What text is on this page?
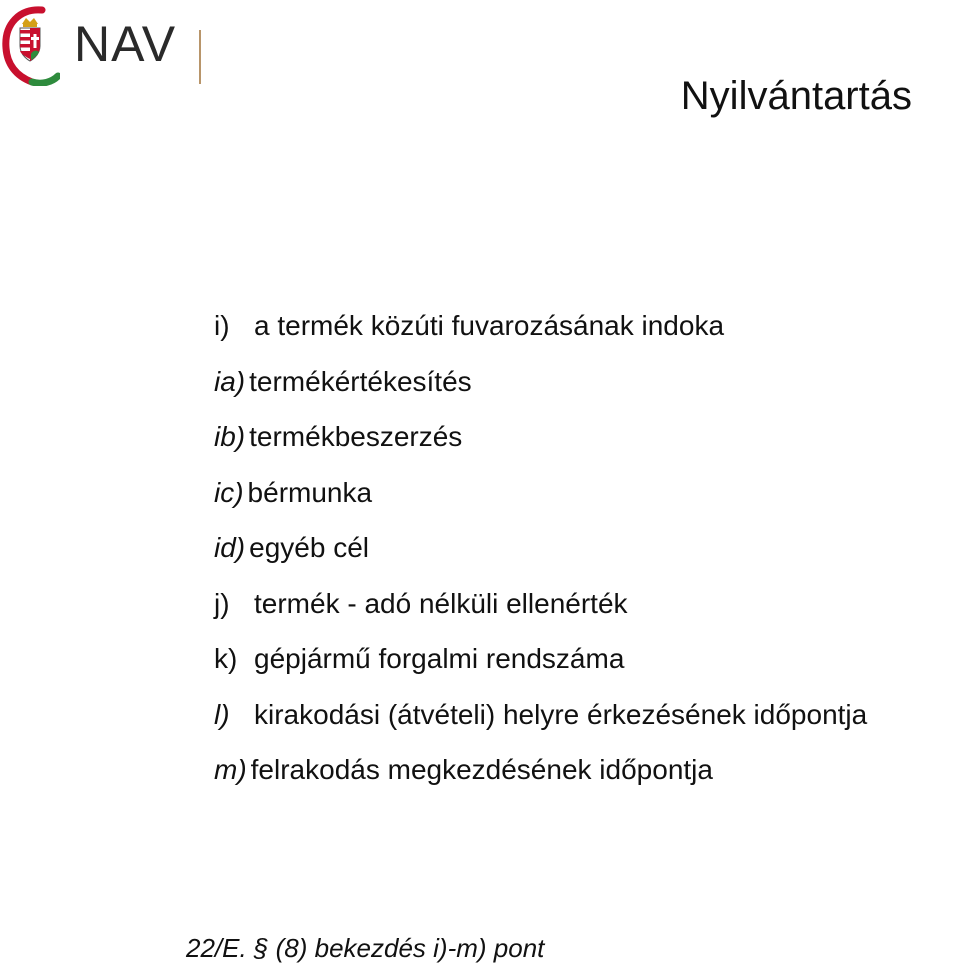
NAV
Nyilvántartás
i) a termék közúti fuvarozásának indoka
ia) termékértékesítés
ib) termékbeszerzés
ic) bérmunka
id) egyéb cél
j) termék - adó nélküli ellenérték
k) gépjármű forgalmi rendszáma
l) kirakodási (átvételi) helyre érkezésének időpontja
m) felrakodás megkezdésének időpontja
22/E. § (8) bekezdés i)-m) pont
